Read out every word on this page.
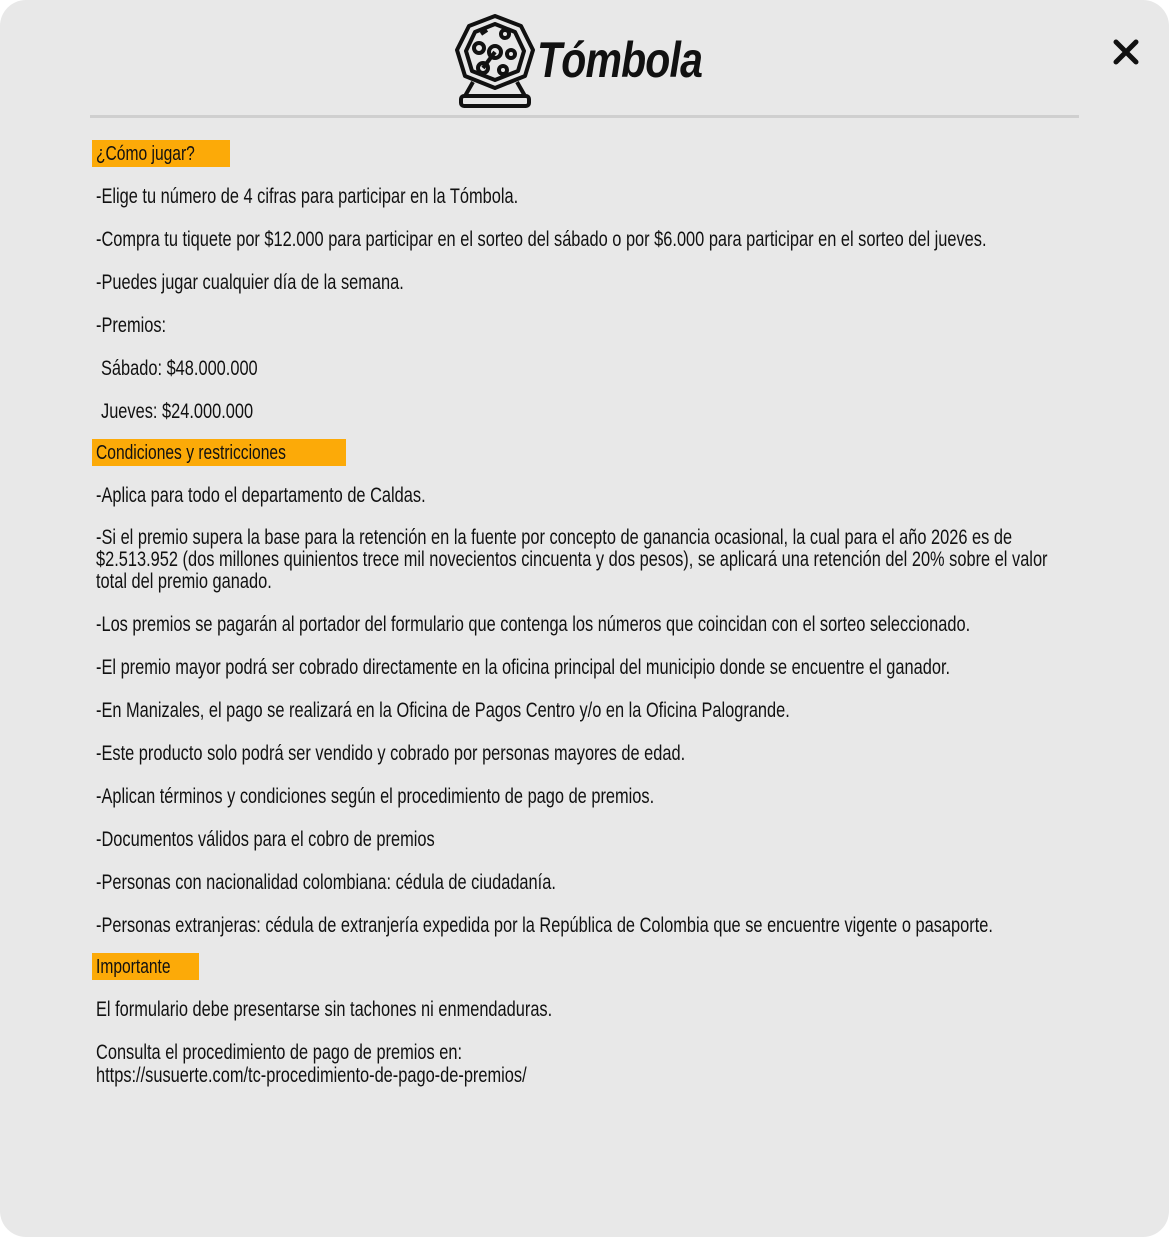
Tómbola
¿Cómo jugar?

-Elige tu número de 4 cifras para participar en la Tómbola.

-Compra tu tiquete por $12.000 para participar en el sorteo del sábado o por $6.000 para participar en el sorteo del jueves.

-Puedes jugar cualquier día de la semana.

-Premios:

Sábado: $48.000.000

Jueves: $24.000.000

Condiciones y restricciones

-Aplica para todo el departamento de Caldas.

-Si el premio supera la base para la retención en la fuente por concepto de ganancia ocasional, la cual para el año 2026 es de $2.513.952 (dos millones quinientos trece mil novecientos cincuenta y dos pesos), se aplicará una retención del 20% sobre el valor total del premio ganado.

-Los premios se pagarán al portador del formulario que contenga los números que coincidan con el sorteo seleccionado.

-El premio mayor podrá ser cobrado directamente en la oficina principal del municipio donde se encuentre el ganador.

-En Manizales, el pago se realizará en la Oficina de Pagos Centro y/o en la Oficina Palogrande.

-Este producto solo podrá ser vendido y cobrado por personas mayores de edad.

-Aplican términos y condiciones según el procedimiento de pago de premios.

-Documentos válidos para el cobro de premios

-Personas con nacionalidad colombiana: cédula de ciudadanía.

-Personas extranjeras: cédula de extranjería expedida por la República de Colombia que se encuentre vigente o pasaporte.

Importante

El formulario debe presentarse sin tachones ni enmendaduras.

Consulta el procedimiento de pago de premios en:

https://susuerte.com/tc-procedimiento-de-pago-de-premios/
